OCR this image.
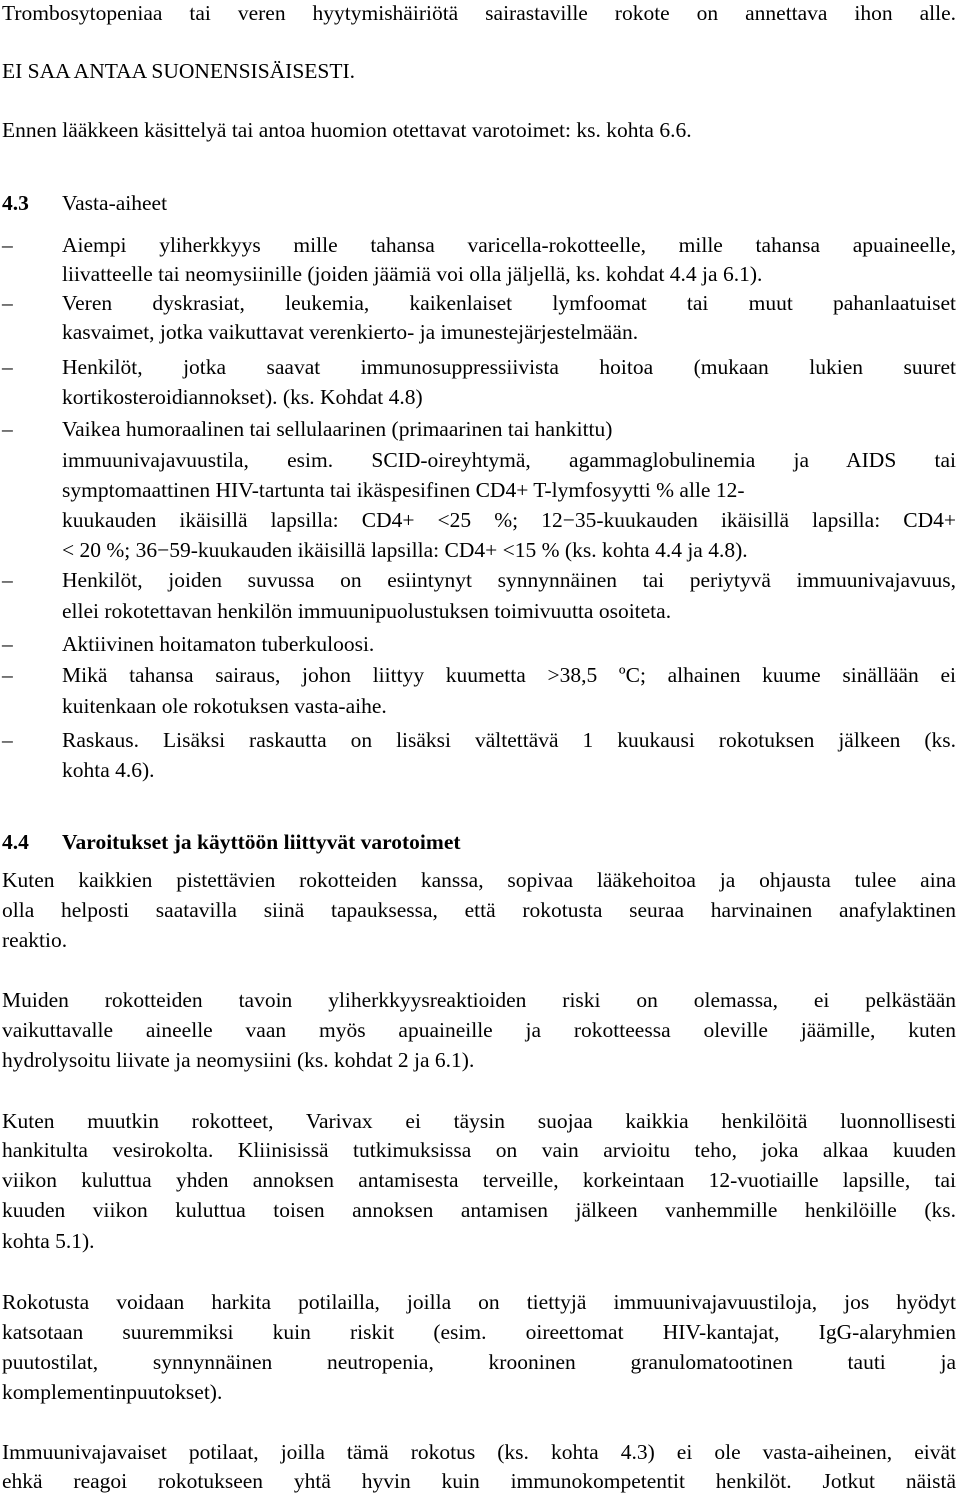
Trombosytopeniaa tai veren hyytymishäiriötä sairastaville rokote on annettava ihon alle.
EI SAA ANTAA SUONENSISÄISESTI.
Ennen lääkkeen käsittelyä tai antoa huomion otettavat varotoimet: ks. kohta 6.6.
4.3 Vasta-aiheet
–	Aiempi yliherkkyys mille tahansa varicella-rokotteelle, mille tahansa apuaineelle,
liivatteelle tai neomysiinille (joiden jäämiä voi olla jäljellä, ks. kohdat 4.4 ja 6.1).
–	Veren dyskrasiat, leukemia, kaikenlaiset lymfoomat tai muut pahanlaatuiset
kasvaimet, jotka vaikuttavat verenkierto- ja imunestejärjestelmään.
–	Henkilöt, jotka saavat immunosuppressiivista hoitoa (mukaan lukien suuret
kortikosteroidiannokset). (ks. Kohdat 4.8)
–	Vaikea humoraalinen tai sellulaarinen (primaarinen tai hankittu)
immuunivajavuustila, esim. SCID-oireyhtymä, agammaglobulinemia ja AIDS tai
symptomaattinen HIV-tartunta tai ikäspesifinen CD4+ T-lymfosyytti % alle 12-
kuukauden ikäisillä lapsilla: CD4+ <25 %; 12−35-kuukauden ikäisillä lapsilla: CD4+
< 20 %; 36−59-kuukauden ikäisillä lapsilla: CD4+ <15 % (ks. kohta 4.4 ja 4.8).
–	Henkilöt, joiden suvussa on esiintynyt synnynnäinen tai periytyvä immuunivajavuus,
ellei rokotettavan henkilön immuunipuolustuksen toimivuutta osoiteta.
–	Aktiivinen hoitamaton tuberkuloosi.
–	Mikä tahansa sairaus, johon liittyy kuumetta >38,5 ºC; alhainen kuume sinällään ei
kuitenkaan ole rokotuksen vasta-aihe.
–	Raskaus. Lisäksi raskautta on lisäksi vältettävä 1 kuukausi rokotuksen jälkeen (ks.
kohta 4.6).
4.4 Varoitukset ja käyttöön liittyvät varotoimet
Kuten kaikkien pistettävien rokotteiden kanssa, sopivaa lääkehoitoa ja ohjausta tulee aina
olla helposti saatavilla siinä tapauksessa, että rokotusta seuraa harvinainen anafylaktinen
reaktio.
Muiden rokotteiden tavoin yliherkkyysreaktioiden riski on olemassa, ei pelkästään
vaikuttavalle aineelle vaan myös apuaineille ja rokotteessa oleville jäämille, kuten
hydrolysoitu liivate ja neomysiini (ks. kohdat 2 ja 6.1).
Kuten muutkin rokotteet, Varivax ei täysin suojaa kaikkia henkilöitä luonnollisesti
hankitulta vesirokolta. Kliinisissä tutkimuksissa on vain arvioitu teho, joka alkaa kuuden
viikon kuluttua yhden annoksen antamisesta terveille, korkeintaan 12-vuotiaille lapsille, tai
kuuden viikon kuluttua toisen annoksen antamisen jälkeen vanhemmille henkilöille (ks.
kohta 5.1).
Rokotusta voidaan harkita potilailla, joilla on tiettyjä immuunivajavuustiloja, jos hyödyt
katsotaan suuremmiksi kuin riskit (esim. oireettomat HIV-kantajat, IgG-alaryhmien
puutostilat, synnynnäinen neutropenia, krooninen granulomatootinen tauti ja
komplementinpuutokset).
Immuunivajavaiset potilaat, joilla tämä rokotus (ks. kohta 4.3) ei ole vasta-aiheinen, eivät
ehkä reagoi rokotukseen yhtä hyvin kuin immunokompetentit henkilöt. Jotkut näistä
